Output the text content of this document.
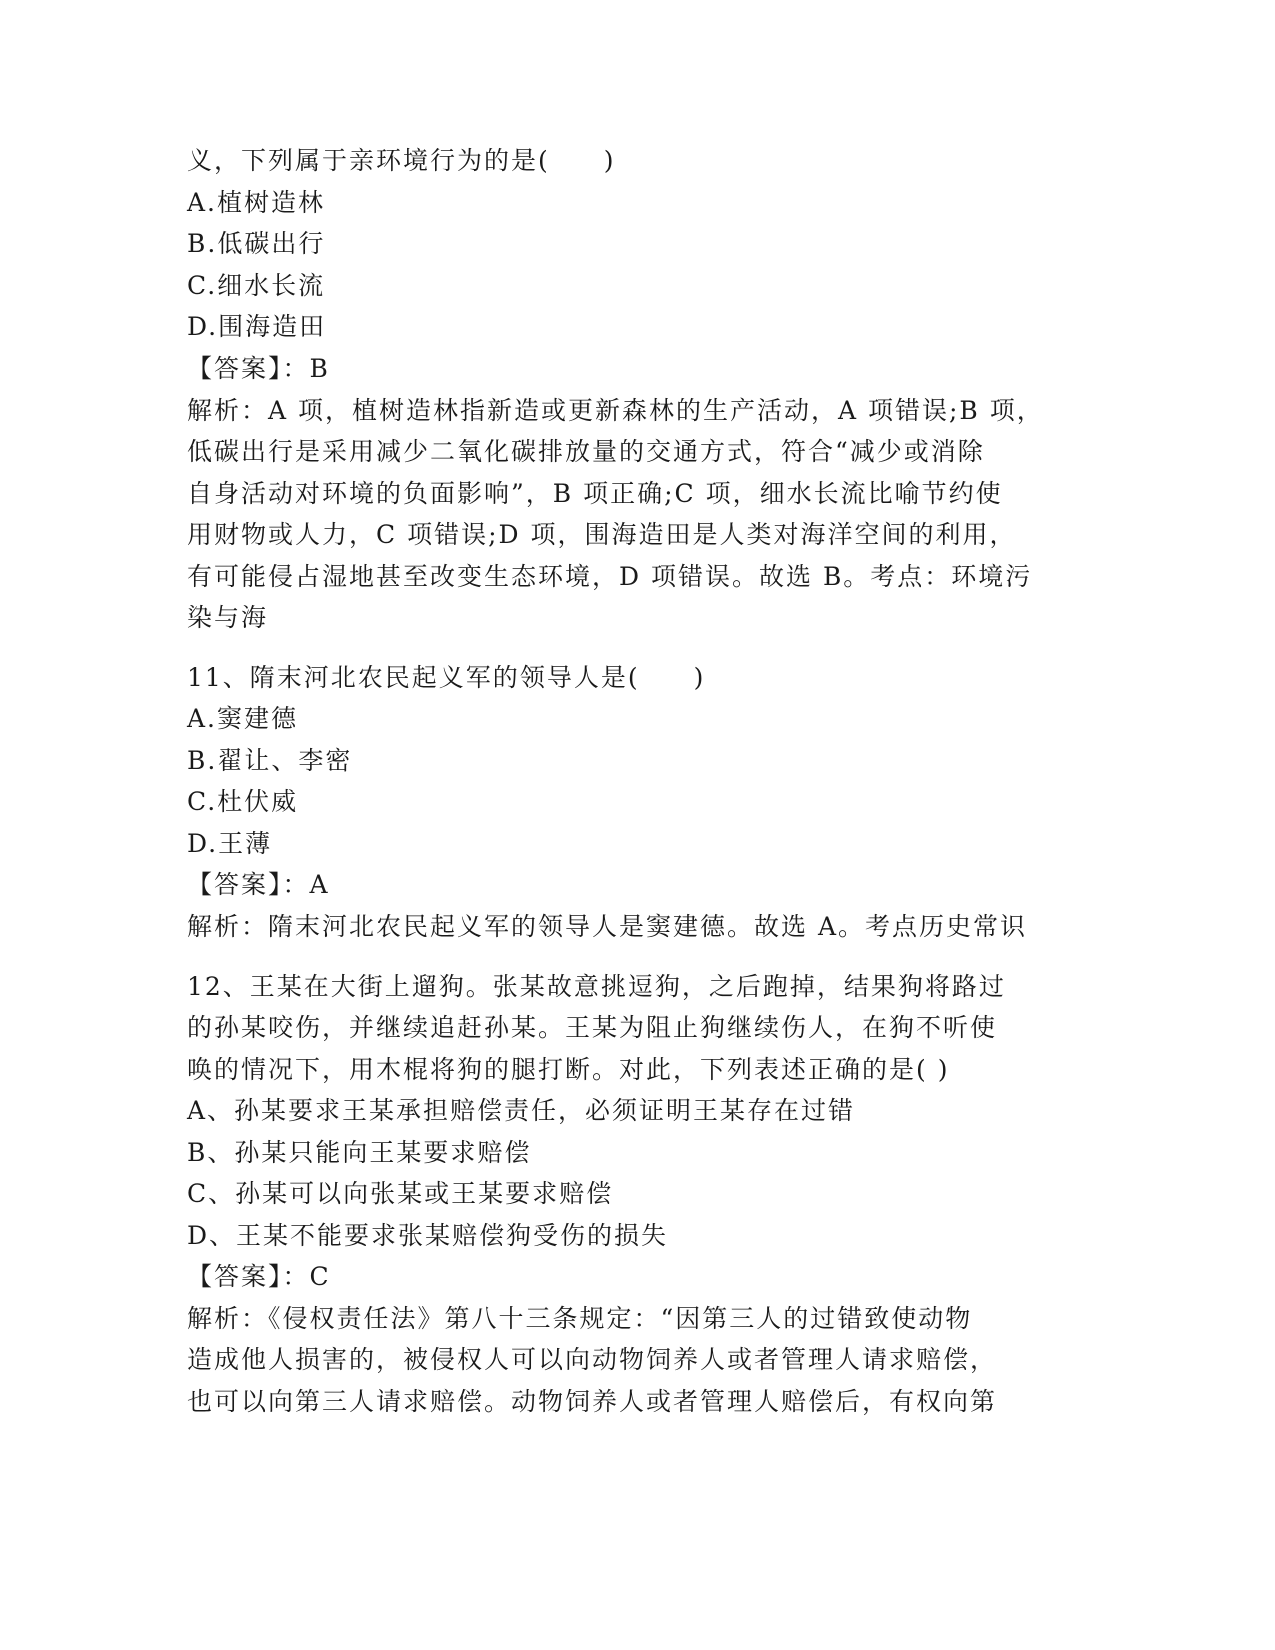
义，下列属于亲环境行为的是(　　)

A.植树造林

B.低碳出行

C.细水长流

D.围海造田

【答案】：B

解析：A 项，植树造林指新造或更新森林的生产活动，A 项错误;B 项，

低碳出行是采用减少二氧化碳排放量的交通方式，符合“减少或消除

自身活动对环境的负面影响”，B 项正确;C 项，细水长流比喻节约使

用财物或人力，C 项错误;D 项，围海造田是人类对海洋空间的利用，

有可能侵占湿地甚至改变生态环境，D 项错误。故选 B。考点：环境污

染与海

11、隋末河北农民起义军的领导人是(　　)

A.窦建德

B.翟让、李密

C.杜伏威

D.王薄

【答案】：A

解析：隋末河北农民起义军的领导人是窦建德。故选 A。考点历史常识

12、王某在大街上遛狗。张某故意挑逗狗，之后跑掉，结果狗将路过

的孙某咬伤，并继续追赶孙某。王某为阻止狗继续伤人，在狗不听使

唤的情况下，用木棍将狗的腿打断。对此，下列表述正确的是( )

A、孙某要求王某承担赔偿责任，必须证明王某存在过错

B、孙某只能向王某要求赔偿

C、孙某可以向张某或王某要求赔偿

D、王某不能要求张某赔偿狗受伤的损失

【答案】：C

解析：《侵权责任法》第八十三条规定：“因第三人的过错致使动物

造成他人损害的，被侵权人可以向动物饲养人或者管理人请求赔偿，

也可以向第三人请求赔偿。动物饲养人或者管理人赔偿后，有权向第
